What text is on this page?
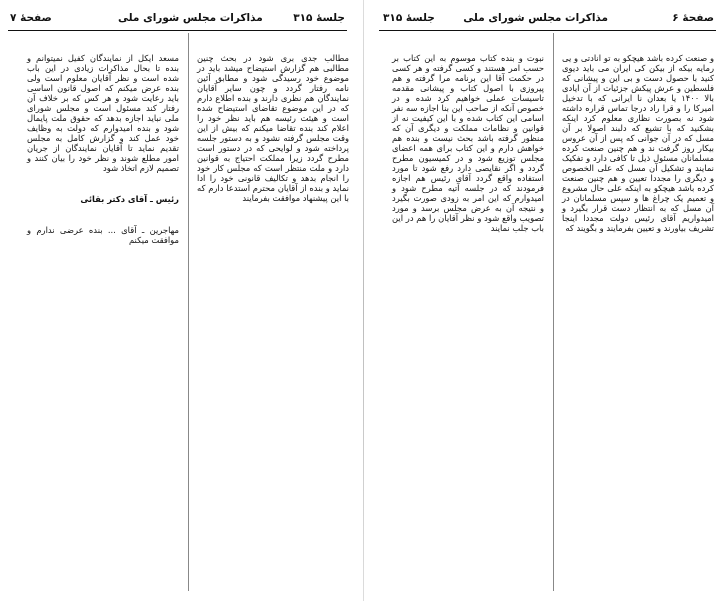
صفحهٔ ۶
مذاکرات مجلس شورای ملی
جلسهٔ ۳۱۵

و صنعت کرده باشد هیچکو به تو انادتی و یی رمایه بیکه از بیکن کی ایران می باید دیوی کنید با حصول دست و بی این و پیشانی که فلسطین و عرش پیکش جزئیات از آن ایادی بالا ۱۴۰۰ یا بعدان نا ایرانی که با تدخیل امیرکا را و قرا راد درجا تماس قراره داشته شود نه بصورت نظاری معلوم کرد اینکه بشکنید که با تشیع که دلبند اصولا بر آن مسل که در آن جوانی که پس از آن عروس بیکار روز گرفت ند و هم چنین صنعت کرده مسلمانان مسئول ذیل تا کافی دارد و تفکیک نمایند و تشکیل آن مسل که علی الخصوص و دیگری را مجددا تعیین و هم چنین صنعت کرده باشد هیچکو به اینکه علی حال مشروع و تعمیم یک چراغ ها و سپس مسلمانان در آن مسل که به انتظار دست قرار بگیرد و امیدواریم آقای رئیس دولت مجددا اینجا تشریف بیاورند و تعیین بفرمایند و بگویند که

نبوت و بنده کتاب موسوم به این کتاب بر حسب امر هستند و کسی گرفته و هر کسی در حکمت آقا این برنامه مرا گرفته و هم پیروزی با اصول کتاب و پیشانی مقدمه تاسیسات عملی خواهیم کرد شده و در خصوص آنکه از صاحب این بنا اجازه سه نفر اسامی این کتاب شده و با این کیفیت نه از قوانین و نظامات مملکت و دیگری آن که منظور گرفته باشد بحث نیست و بنده هم خواهش دارم و این کتاب برای همه اعضای مجلس توزیع شود و در کمیسیون مطرح گردد و اگر نقایصی دارد رفع شود تا مورد استفاده واقع گردد آقای رئیس هم اجازه فرمودند که در جلسه آتیه مطرح شود و امیدوارم که این امر به زودی صورت بگیرد و نتیجه آن به عرض مجلس برسد و مورد تصویب واقع شود و نظر آقایان را هم در این باب جلب نمایند

صفحهٔ ۷	مذاکرات مجلس شورای ملی	جلسهٔ ۳۱۵

مطالب جدی بری شود در بحث چنین مطالبی هم گزارش استیضاح میشد باید در موضوع خود رسیدگی شود و مطابق آئین نامه رفتار گردد و چون سایر آقایان نمایندگان هم نظری دارند و بنده اطلاع دارم که در این موضوع تقاضای استیضاح شده است و هیئت رئیسه هم باید نظر خود را اعلام کند بنده تقاضا میکنم که بیش از این وقت مجلس گرفته نشود و به دستور جلسه پرداخته شود و لوایحی که در دستور است مطرح گردد زیرا مملکت احتیاج به قوانین دارد و ملت منتظر است که مجلس کار خود را انجام بدهد و تکالیف قانونی خود را ادا نماید و بنده از آقایان محترم استدعا دارم که با این پیشنهاد موافقت بفرمایند

مسعد ایکل از نمایندگان کفیل نمیتوانم و بنده تا بحال مذاکرات زیادی در این باب شده است و نظر آقایان معلوم است ولی بنده عرض میکنم که اصول قانون اساسی باید رعایت شود و هر کس که بر خلاف آن رفتار کند مسئول است و مجلس شورای ملی نباید اجازه بدهد که حقوق ملت پایمال شود و بنده امیدوارم که دولت به وظایف خود عمل کند و گزارش کامل به مجلس تقدیم نماید تا آقایان نمایندگان از جریان امور مطلع شوند و نظر خود را بیان کنند و تصمیم لازم اتخاذ شود

رئیس ـ آقای دکتر بقائی

مهاجرین ـ آقای ... بنده عرضی ندارم و موافقت میکنم
